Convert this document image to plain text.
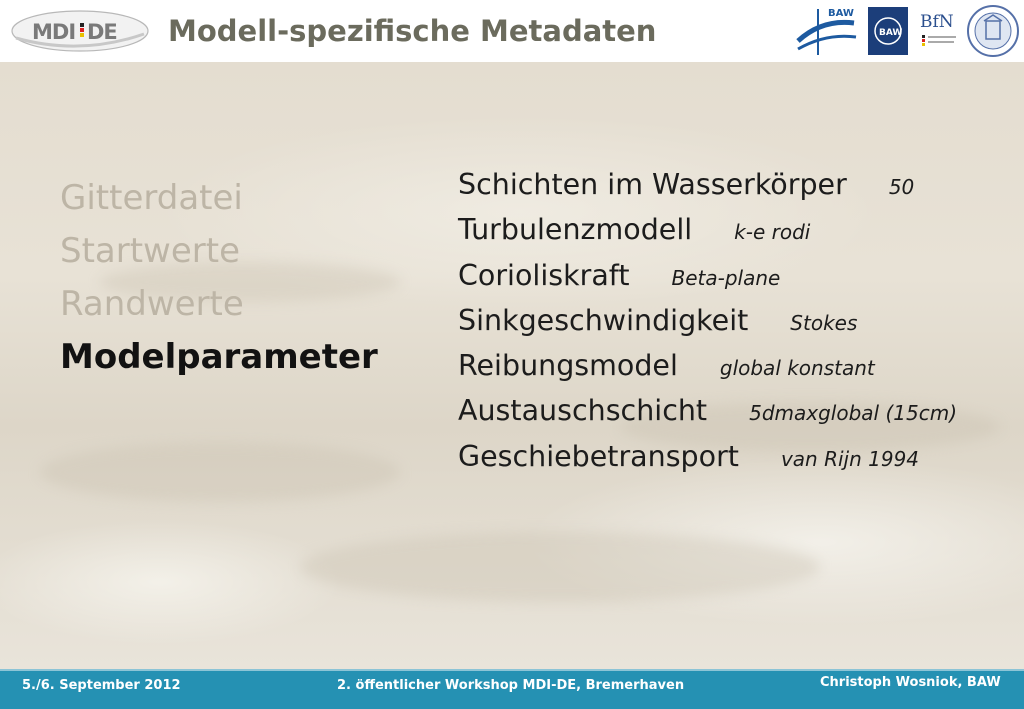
MDI DE Modell-spezifische Metadaten
BAW
BAW
BfN
Gitterdatei
Startwerte
Randwerte
Modelparameter
Schichten im Wasserkörper 50
Turbulenzmodell k-e rodi
Corioliskraft Beta-plane
Sinkgeschwindigkeit Stokes
Reibungsmodel global konstant
Austauschschicht 5dmaxglobal (15cm)
Geschiebetransport van Rijn 1994
5./6. September 2012	2. öffentlicher Workshop MDI-DE, Bremerhaven	Christoph Wosniok, BAW
